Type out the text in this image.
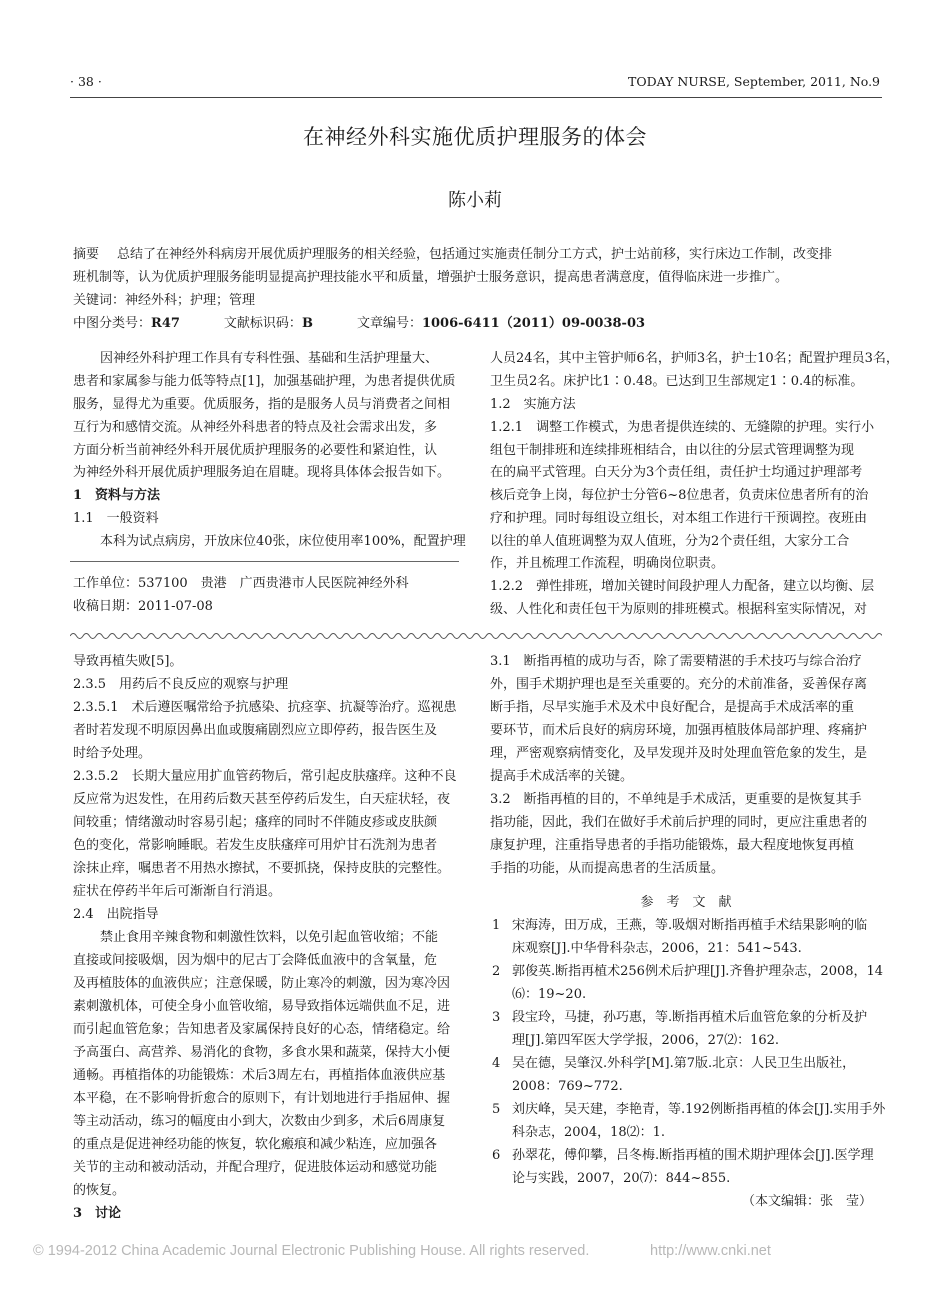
· 38 ·	TODAY NURSE, September, 2011, No.9
在神经外科实施优质护理服务的体会
陈小莉
摘要 总结了在神经外科病房开展优质护理服务的相关经验，包括通过实施责任制分工方式，护士站前移，实行床边工作制，改变排
班机制等，认为优质护理服务能明显提高护理技能水平和质量，增强护士服务意识，提高患者满意度，值得临床进一步推广。
关键词：神经外科；护理；管理
中图分类号：R47	文献标识码：B	文章编号：1006-6411（2011）09-0038-03
因神经外科护理工作具有专科性强、基础和生活护理量大、
患者和家属参与能力低等特点[1]，加强基础护理，为患者提供优质
服务，显得尤为重要。优质服务，指的是服务人员与消费者之间相
互行为和感情交流。从神经外科患者的特点及社会需求出发，多
方面分析当前神经外科开展优质护理服务的必要性和紧迫性，认
为神经外科开展优质护理服务迫在眉睫。现将具体体会报告如下。
1　资料与方法
1.1　一般资料
本科为试点病房，开放床位40张，床位使用率100%，配置护理
工作单位：537100　贵港　广西贵港市人民医院神经外科
收稿日期：2011-07-08
人员24名，其中主管护师6名，护师3名，护士10名；配置护理员3名，
卫生员2名。床护比1∶0.48。已达到卫生部规定1∶0.4的标准。
1.2　实施方法
1.2.1　调整工作模式，为患者提供连续的、无缝隙的护理。实行小
组包干制排班和连续排班相结合，由以往的分层式管理调整为现
在的扁平式管理。白天分为3个责任组，责任护士均通过护理部考
核后竞争上岗，每位护士分管6~8位患者，负责床位患者所有的治
疗和护理。同时每组设立组长，对本组工作进行干预调控。夜班由
以往的单人值班调整为双人值班，分为2个责任组，大家分工合
作，并且梳理工作流程，明确岗位职责。
1.2.2　弹性排班，增加关键时间段护理人力配备，建立以均衡、层
级、人性化和责任包干为原则的排班模式。根据科室实际情况，对
导致再植失败[5]。
2.3.5　用药后不良反应的观察与护理
2.3.5.1　术后遵医嘱常给予抗感染、抗痉挛、抗凝等治疗。巡视患
者时若发现不明原因鼻出血或腹痛剧烈应立即停药，报告医生及
时给予处理。
2.3.5.2　长期大量应用扩血管药物后，常引起皮肤瘙痒。这种不良
反应常为迟发性，在用药后数天甚至停药后发生，白天症状轻，夜
间较重；情绪激动时容易引起；瘙痒的同时不伴随皮疹或皮肤颜
色的变化，常影响睡眠。若发生皮肤瘙痒可用炉甘石洗剂为患者
涂抹止痒，嘱患者不用热水擦拭，不要抓挠，保持皮肤的完整性。
症状在停药半年后可渐渐自行消退。
2.4　出院指导
禁止食用辛辣食物和刺激性饮料，以免引起血管收缩；不能
直接或间接吸烟，因为烟中的尼古丁会降低血液中的含氧量，危
及再植肢体的血液供应；注意保暖，防止寒冷的刺激，因为寒冷因
素刺激机体，可使全身小血管收缩，易导致指体远端供血不足，进
而引起血管危象；告知患者及家属保持良好的心态，情绪稳定。给
予高蛋白、高营养、易消化的食物，多食水果和蔬菜，保持大小便
通畅。再植指体的功能锻炼：术后3周左右，再植指体血液供应基
本平稳，在不影响骨折愈合的原则下，有计划地进行手指屈伸、握
等主动活动，练习的幅度由小到大，次数由少到多，术后6周康复
的重点是促进神经功能的恢复，软化瘢痕和减少粘连，应加强各
关节的主动和被动活动，并配合理疗，促进肢体运动和感觉功能
的恢复。
3　讨论
3.1　断指再植的成功与否，除了需要精湛的手术技巧与综合治疗
外，围手术期护理也是至关重要的。充分的术前准备，妥善保存离
断手指，尽早实施手术及术中良好配合，是提高手术成活率的重
要环节，而术后良好的病房环境，加强再植肢体局部护理、疼痛护
理，严密观察病情变化，及早发现并及时处理血管危象的发生，是
提高手术成活率的关键。
3.2　断指再植的目的，不单纯是手术成活，更重要的是恢复其手
指功能，因此，我们在做好手术前后护理的同时，更应注重患者的
康复护理，注重指导患者的手指功能锻炼，最大程度地恢复再植
手指的功能，从而提高患者的生活质量。
参　考　文　献
1 宋海涛，田万成，王燕，等.吸烟对断指再植手术结果影响的临
床观察[J].中华骨科杂志，2006，21：541~543.
2 郭俊英.断指再植术256例术后护理[J].齐鲁护理杂志，2008，14
⑹：19~20.
3 段宝玲，马捷，孙巧惠，等.断指再植术后血管危象的分析及护
理[J].第四军医大学学报，2006，27⑵：162.
4 吴在德，吴肇汉.外科学[M].第7版.北京：人民卫生出版社，
2008：769~772.
5 刘庆峰，吴天建，李艳青，等.192例断指再植的体会[J].实用手外
科杂志，2004，18⑵：1.
6 孙翠花，傅仰攀，吕冬梅.断指再植的围术期护理体会[J].医学理
论与实践，2007，20⑺：844~855.
（本文编辑：张　莹）
© 1994-2012 China Academic Journal Electronic Publishing House. All rights reserved.	http://www.cnki.net
